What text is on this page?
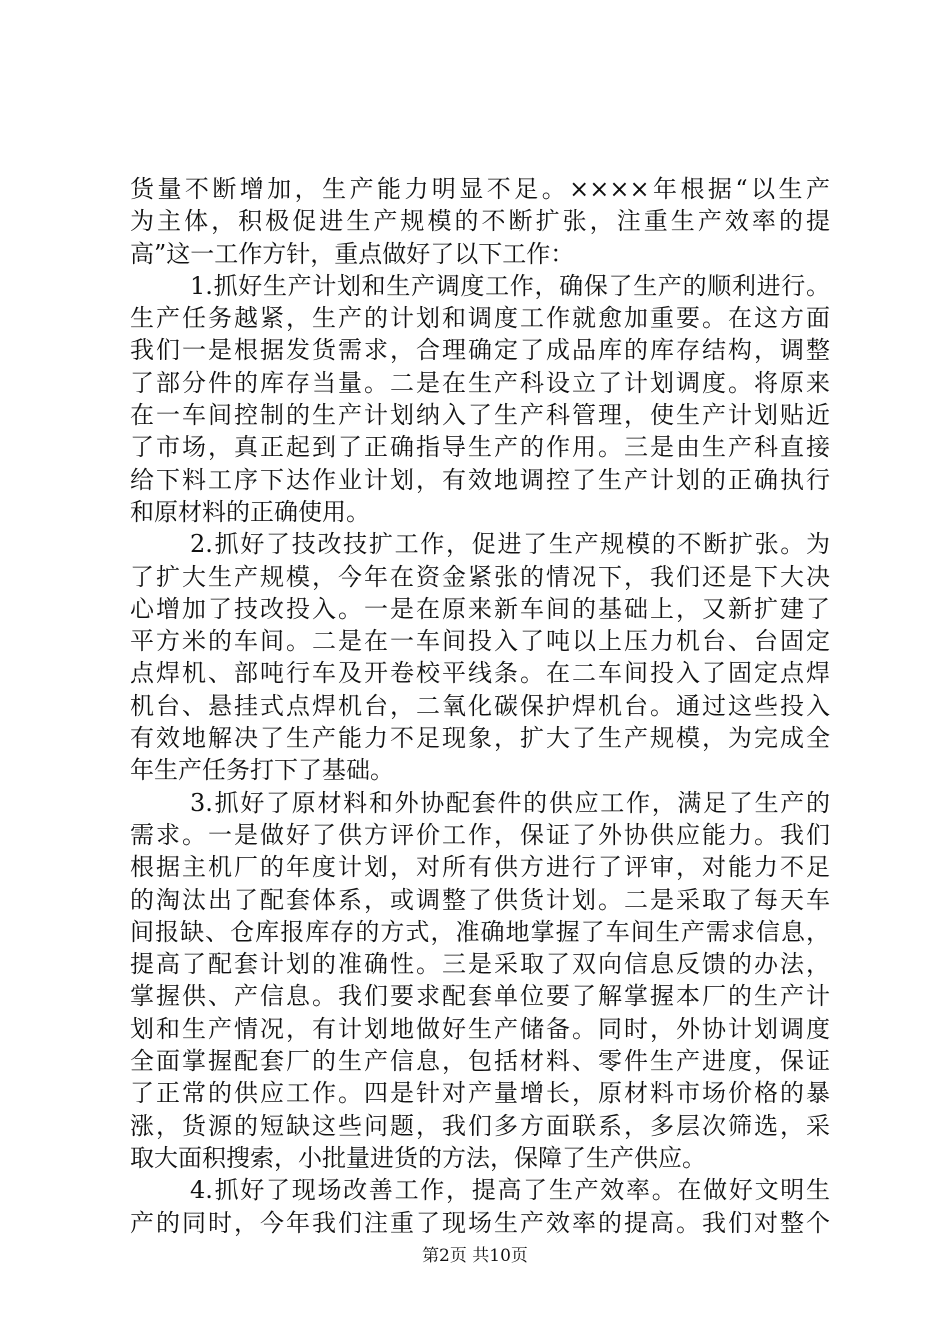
货量不断增加，生产能力明显不足。××××年根据“以生产
为主体，积极促进生产规模的不断扩张，注重生产效率的提
高”这一工作方针，重点做好了以下工作：
1.抓好生产计划和生产调度工作，确保了生产的顺利进行。
生产任务越紧，生产的计划和调度工作就愈加重要。在这方面
我们一是根据发货需求，合理确定了成品库的库存结构，调整
了部分件的库存当量。二是在生产科设立了计划调度。将原来
在一车间控制的生产计划纳入了生产科管理，使生产计划贴近
了市场，真正起到了正确指导生产的作用。三是由生产科直接
给下料工序下达作业计划，有效地调控了生产计划的正确执行
和原材料的正确使用。
2.抓好了技改技扩工作，促进了生产规模的不断扩张。为
了扩大生产规模，今年在资金紧张的情况下，我们还是下大决
心增加了技改投入。一是在原来新车间的基础上，又新扩建了
平方米的车间。二是在一车间投入了吨以上压力机台、台固定
点焊机、部吨行车及开卷校平线条。在二车间投入了固定点焊
机台、悬挂式点焊机台，二氧化碳保护焊机台。通过这些投入
有效地解决了生产能力不足现象，扩大了生产规模，为完成全
年生产任务打下了基础。
3.抓好了原材料和外协配套件的供应工作，满足了生产的
需求。一是做好了供方评价工作，保证了外协供应能力。我们
根据主机厂的年度计划，对所有供方进行了评审，对能力不足
的淘汰出了配套体系，或调整了供货计划。二是采取了每天车
间报缺、仓库报库存的方式，准确地掌握了车间生产需求信息，
提高了配套计划的准确性。三是采取了双向信息反馈的办法，
掌握供、产信息。我们要求配套单位要了解掌握本厂的生产计
划和生产情况，有计划地做好生产储备。同时，外协计划调度
全面掌握配套厂的生产信息，包括材料、零件生产进度，保证
了正常的供应工作。四是针对产量增长，原材料市场价格的暴
涨，货源的短缺这些问题，我们多方面联系，多层次筛选，采
取大面积搜索，小批量进货的方法，保障了生产供应。
4.抓好了现场改善工作，提高了生产效率。在做好文明生
产的同时，今年我们注重了现场生产效率的提高。我们对整个
第2页 共10页
